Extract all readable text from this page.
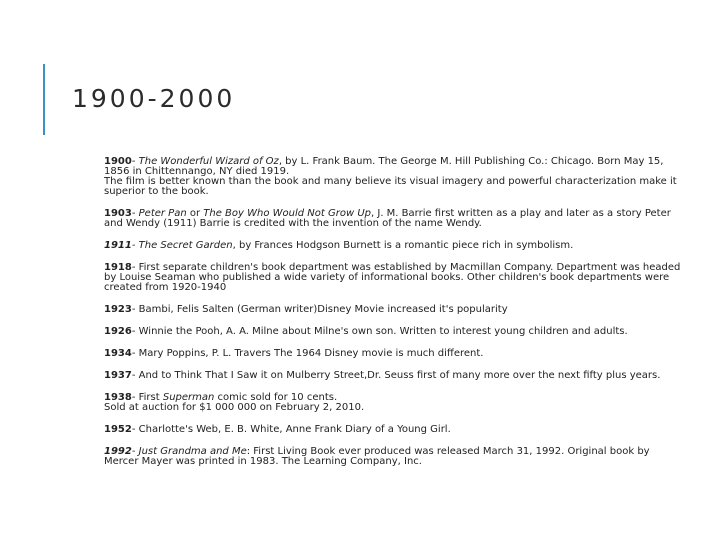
1900-2000

1900- The Wonderful Wizard of Oz, by L. Frank Baum. The George M. Hill Publishing Co.: Chicago. Born May 15,
1856 in Chittennango, NY died 1919.
The film is better known than the book and many believe its visual imagery and powerful characterization make it
superior to the book.

1903- Peter Pan or The Boy Who Would Not Grow Up, J. M. Barrie first written as a play and later as a story Peter
and Wendy (1911) Barrie is credited with the invention of the name Wendy.

1911- The Secret Garden, by Frances Hodgson Burnett is a romantic piece rich in symbolism.

1918- First separate children's book department was established by Macmillan Company. Department was headed
by Louise Seaman who published a wide variety of informational books. Other children's book departments were
created from 1920-1940

1923- Bambi, Felis Salten (German writer)Disney Movie increased it's popularity

1926- Winnie the Pooh, A. A. Milne about Milne's own son. Written to interest young children and adults.

1934- Mary Poppins, P. L. Travers The 1964 Disney movie is much different.

1937- And to Think That I Saw it on Mulberry Street,Dr. Seuss first of many more over the next fifty plus years.

1938- First Superman comic sold for 10 cents.
Sold at auction for $1 000 000 on February 2, 2010.

1952- Charlotte's Web, E. B. White, Anne Frank Diary of a Young Girl.

1992- Just Grandma and Me: First Living Book ever produced was released March 31, 1992. Original book by
Mercer Mayer was printed in 1983. The Learning Company, Inc.
